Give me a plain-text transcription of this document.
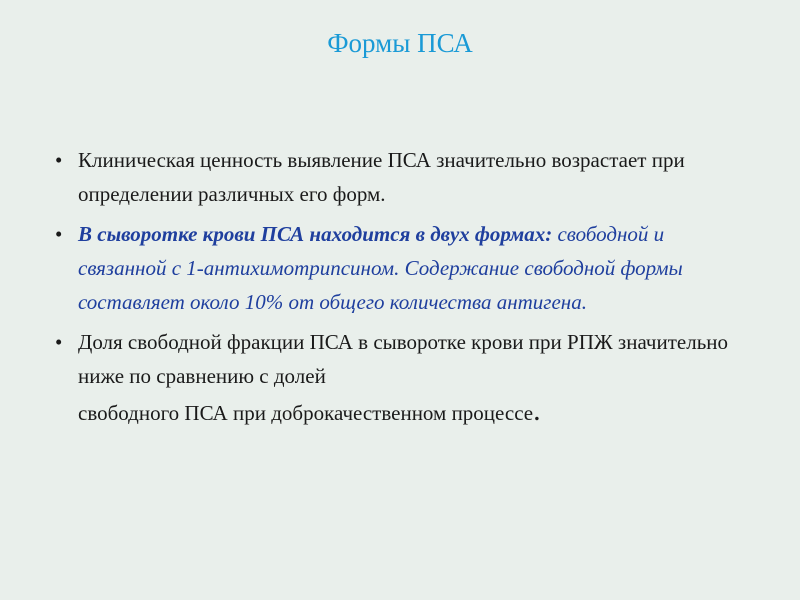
Формы ПСА
• Клиническая ценность выявление ПСА значительно возрастает при определении различных его форм.
• В сыворотке крови ПСА находится в двух формах: свободной и связанной с 1-антихимотрипсином. Содержание свободной формы составляет около 10% от общего количества антигена.
• Доля свободной фракции ПСА в сыворотке крови при РПЖ значительно ниже по сравнению с долей
свободного ПСА при доброкачественном процессе.
